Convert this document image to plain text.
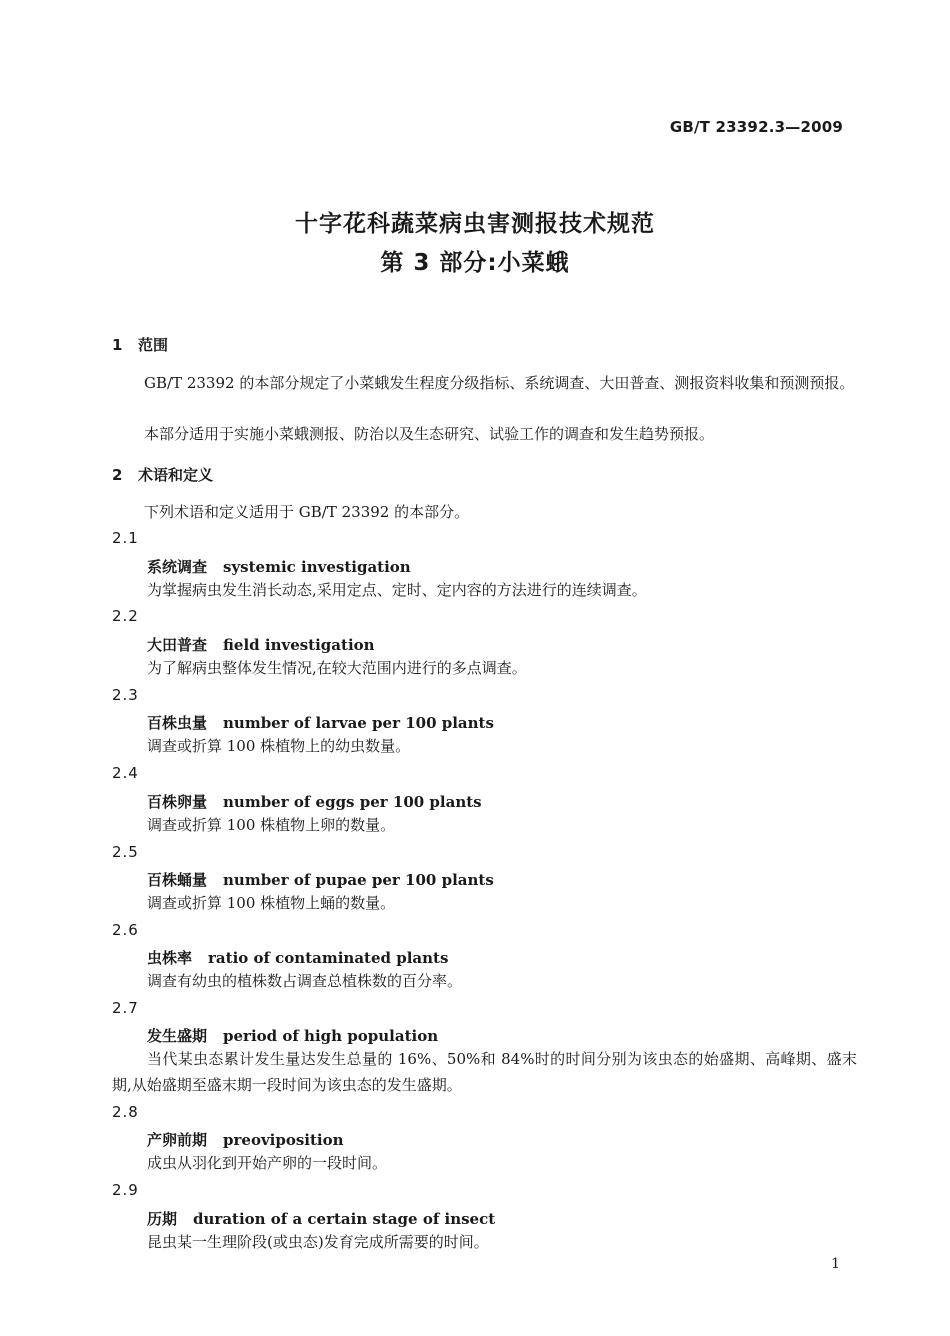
GB/T 23392.3—2009
十字花科蔬菜病虫害测报技术规范
第 3 部分:小菜蛾
1 范围
GB/T 23392 的本部分规定了小菜蛾发生程度分级指标、系统调查、大田普查、测报资料收集和预测预报。
本部分适用于实施小菜蛾测报、防治以及生态研究、试验工作的调查和发生趋势预报。
2 术语和定义
下列术语和定义适用于 GB/T 23392 的本部分。
2.1
系统调查 systemic investigation
为掌握病虫发生消长动态,采用定点、定时、定内容的方法进行的连续调查。
2.2
大田普查 field investigation
为了解病虫整体发生情况,在较大范围内进行的多点调查。
2.3
百株虫量 number of larvae per 100 plants
调查或折算 100 株植物上的幼虫数量。
2.4
百株卵量 number of eggs per 100 plants
调查或折算 100 株植物上卵的数量。
2.5
百株蛹量 number of pupae per 100 plants
调查或折算 100 株植物上蛹的数量。
2.6
虫株率 ratio of contaminated plants
调查有幼虫的植株数占调查总植株数的百分率。
2.7
发生盛期 period of high population
当代某虫态累计发生量达发生总量的 16%、50%和 84%时的时间分别为该虫态的始盛期、高峰期、盛末期,从始盛期至盛末期一段时间为该虫态的发生盛期。
2.8
产卵前期 preoviposition
成虫从羽化到开始产卵的一段时间。
2.9
历期 duration of a certain stage of insect
昆虫某一生理阶段(或虫态)发育完成所需要的时间。
1
